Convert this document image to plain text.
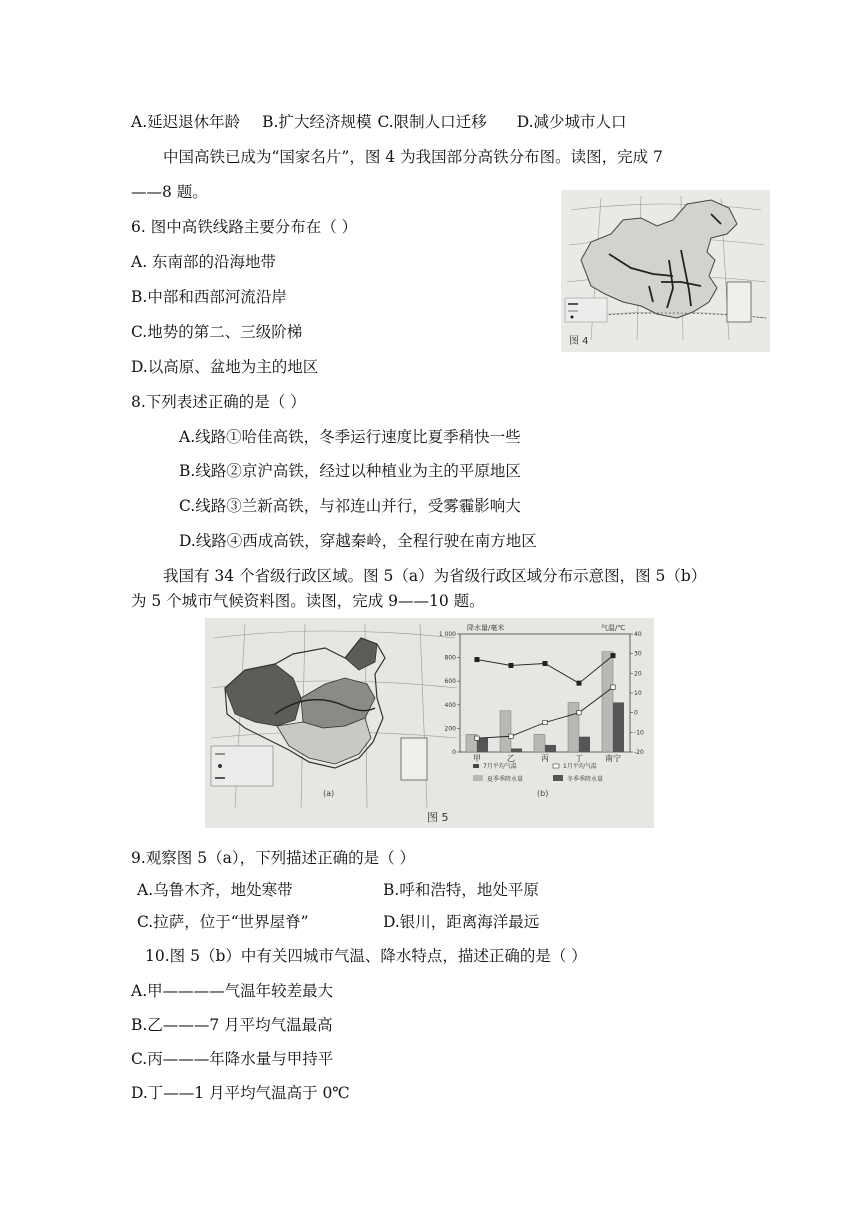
A.延迟退休年龄 B.扩大经济规模 C.限制人口迁移 D.减少城市人口
中国高铁已成为“国家名片”，图 4 为我国部分高铁分布图。读图，完成 7
——8 题。
6. 图中高铁线路主要分布在（ ）
A. 东南部的沿海地带
B.中部和西部河流沿岸
C.地势的第二、三级阶梯
D.以高原、盆地为主的地区
图 4
8.下列表述正确的是（ ）
A.线路①哈佳高铁，冬季运行速度比夏季稍快一些
B.线路②京沪高铁，经过以种植业为主的平原地区
C.线路③兰新高铁，与祁连山并行，受雾霾影响大
D.线路④西成高铁，穿越秦岭，全程行驶在南方地区
我国有 34 个省级行政区域。图 5（a）为省级行政区域分布示意图，图 5（b）
为 5 个城市气候资料图。读图，完成 9——10 题。
(a)
降水量/毫米	气温/℃
1 000
800
600
400
200
0
40
30
20
10
0
-10
-20
甲	乙	丙	丁	南宁
7月平均气温	1月平均气温
夏季季降水量	冬季季降水量
(b)
图 5
9.观察图 5（a），下列描述正确的是（ ）
A.乌鲁木齐，地处寒带	B.呼和浩特，地处平原
C.拉萨，位于“世界屋脊”	D.银川，距离海洋最远
10.图 5（b）中有关四城市气温、降水特点，描述正确的是（ ）
A.甲————气温年较差最大
B.乙———7 月平均气温最高
C.丙———年降水量与甲持平
D.丁——1 月平均气温高于 0℃
